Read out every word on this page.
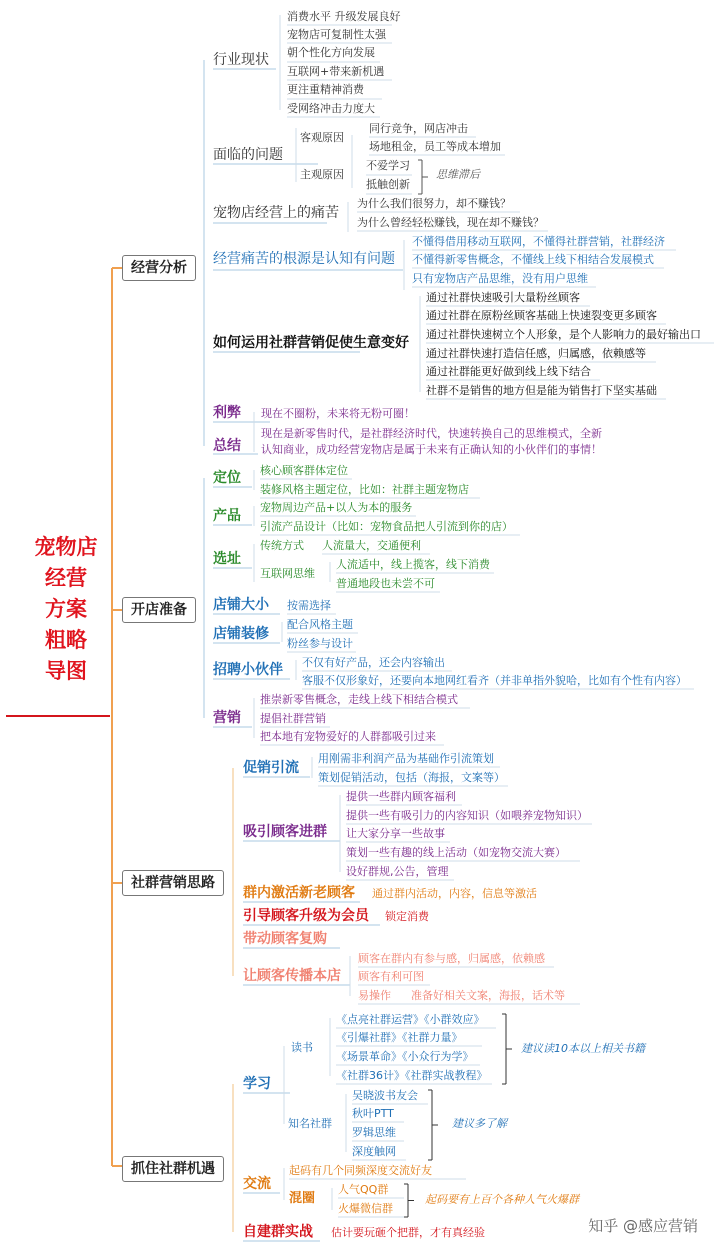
宠物店
经营
方案
粗略
导图
经营分析
行业现状
消费水平 升级发展良好
宠物店可复制性太强
朝个性化方向发展
互联网+带来新机遇
更注重精神消费
受网络冲击力度大
面临的问题
客观原因
同行竞争，网店冲击
场地租金，员工等成本增加
主观原因
不爱学习
抵触创新
思维滞后
宠物店经营上的痛苦
为什么我们很努力，却不赚钱？
为什么曾经轻松赚钱，现在却不赚钱？
经营痛苦的根源是认知有问题
不懂得借用移动互联网，不懂得社群营销，社群经济
不懂得新零售概念，不懂线上线下相结合发展模式
只有宠物店产品思维，没有用户思维
如何运用社群营销促使生意变好
通过社群快速吸引大量粉丝顾客
通过社群在原粉丝顾客基础上快速裂变更多顾客
通过社群快速树立个人形象，是个人影响力的最好输出口
通过社群快速打造信任感，归属感，依赖感等
通过社群能更好做到线上线下结合
社群不是销售的地方但是能为销售打下坚实基础
利弊 现在不圈粉，未来将无粉可圈！
总结
现在是新零售时代，是社群经济时代，快速转换自己的思维模式，全新
认知商业，成功经营宠物店是属于未来有正确认知的小伙伴们的事情！
开店准备
定位 核心顾客群体定位
装修风格主题定位，比如：社群主题宠物店
产品
宠物周边产品+以人为本的服务
引流产品设计（比如：宠物食品把人引流到你的店）
选址
传统方式 人流量大，交通便利
互联网思维
人流适中，线上揽客，线下消费
普通地段也未尝不可
店铺大小 按需选择
店铺装修
配合风格主题
粉丝参与设计
招聘小伙伴 不仅有好产品，还会内容输出
客服不仅形象好，还要向本地网红看齐（并非单指外貌哈，比如有个性有内容）
营销
推崇新零售概念，走线上线下相结合模式
提倡社群营销
把本地有宠物爱好的人群都吸引过来
社群营销思路
促销引流
用刚需非利润产品为基础作引流策划
策划促销活动，包括（海报，文案等）
吸引顾客进群
提供一些群内顾客福利
提供一些有吸引力的内容知识（如喂养宠物知识）
让大家分享一些故事
策划一些有趣的线上活动（如宠物交流大赛）
设好群规,公告，管理
群内激活新老顾客 通过群内活动，内容，信息等激活
引导顾客升级为会员 锁定消费
带动顾客复购
让顾客传播本店
顾客在群内有参与感，归属感，依赖感
顾客有利可图
易操作 准备好相关文案，海报，话术等
抓住社群机遇
学习
读书
《点亮社群运营》《小群效应》
《引爆社群》《社群力量》
《场景革命》《小众行为学》
《社群36计》《社群实战教程》
建议读10本以上相关书籍
知名社群
吴晓波书友会
秋叶PTT
罗辑思维
深度触网
建议多了解
交流
起码有几个同频深度交流好友
混圈
人气QQ群
火爆微信群
起码要有上百个各种人气火爆群
自建群实战 估计要玩砸个把群，才有真经验	知乎 @感应营销
